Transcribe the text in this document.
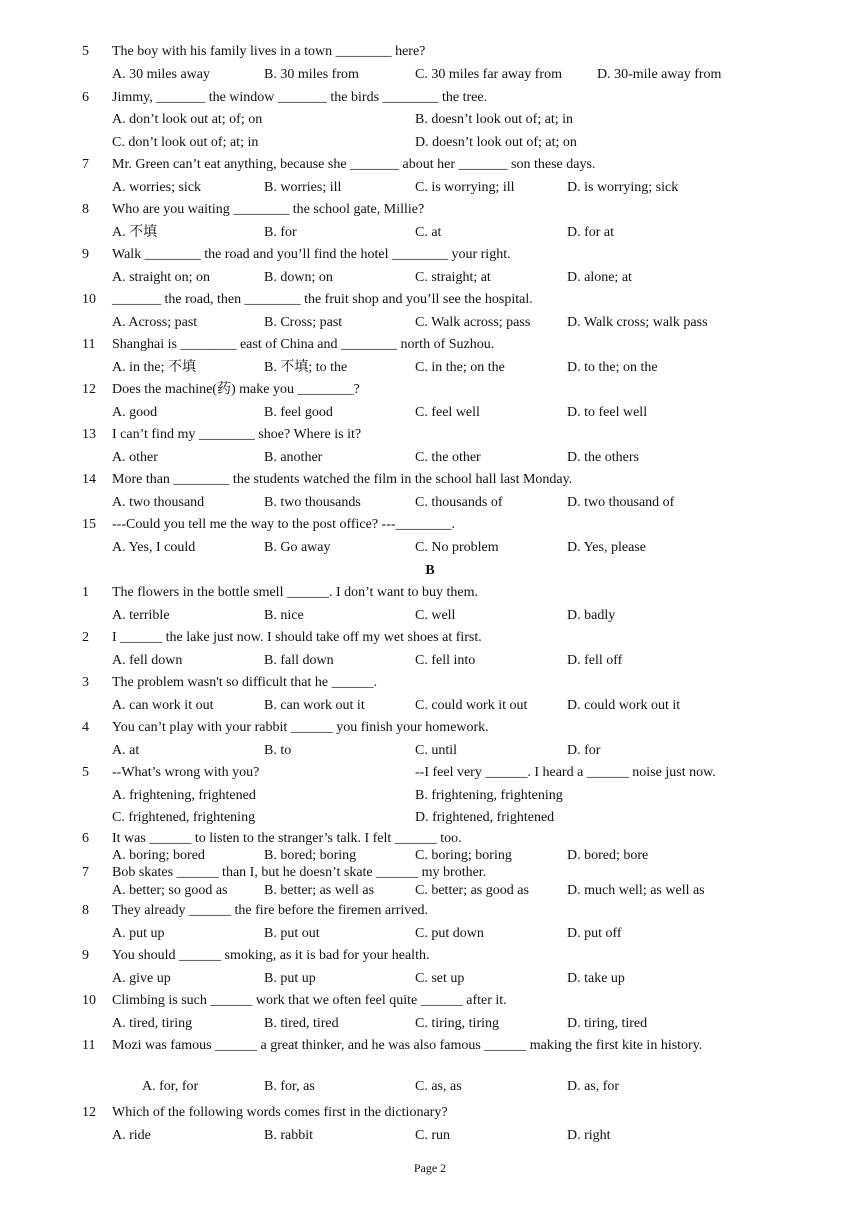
5 The boy with his family lives in a town ________ here?
A. 30 miles away	B. 30 miles from	C. 30 miles far away from	D. 30-mile away from
6 Jimmy, _______ the window _______ the birds ________ the tree.
A. don’t look out at; of; on	B. doesn’t look out of; at; in
C. don’t look out of; at; in	D. doesn’t look out of; at; on
7 Mr. Green can’t eat anything, because she _______ about her _______ son these days.
A. worries; sick	B. worries; ill	C. is worrying; ill	D. is worrying; sick
8 Who are you waiting ________ the school gate, Millie?
A. 不填	B. for	C. at	D. for at
9 Walk ________ the road and you’ll find the hotel ________ your right.
A. straight on; on	B. down; on	C. straight; at	D. alone; at
10 _______ the road, then ________ the fruit shop and you’ll see the hospital.
A. Across; past	B. Cross; past	C. Walk across; pass	D. Walk cross; walk pass
11 Shanghai is ________ east of China and ________ north of Suzhou.
A. in the; 不填	B. 不填; to the	C. in the; on the	D. to the; on the
12 Does the machine(药) make you ________?
A. good	B. feel good	C. feel well	D. to feel well
13 I can’t find my ________ shoe? Where is it?
A. other	B. another	C. the other	D. the others
14 More than ________ the students watched the film in the school hall last Monday.
A. two thousand	B. two thousands	C. thousands of	D. two thousand of
15 ---Could you tell me the way to the post office? ---________.
A. Yes, I could	B. Go away	C. No problem	D. Yes, please
B
1 The flowers in the bottle smell ______. I don’t want to buy them.
A. terrible	B. nice	C. well	D. badly
2 I ______ the lake just now. I should take off my wet shoes at first.
A. fell down	B. fall down	C. fell into	D. fell off
3 The problem wasn't so difficult that he ______.
A. can work it out	B. can work out it	C. could work it out	D. could work out it
4 You can’t play with your rabbit ______ you finish your homework.
A. at	B. to	C. until	D. for
5 --What’s wrong with you?	--I feel very ______. I heard a ______ noise just now.
A. frightening, frightened	B. frightening, frightening
C. frightened, frightening	D. frightened, frightened
6 It was ______ to listen to the stranger’s talk. I felt ______ too.
A. boring; bored	B. bored; boring	C. boring; boring	D. bored; bore
7 Bob skates ______ than I, but he doesn’t skate ______ my brother.
A. better; so good as	B. better; as well as	C. better; as good as	D. much well; as well as
8 They already ______ the fire before the firemen arrived.
A. put up	B. put out	C. put down	D. put off
9 You should ______ smoking, as it is bad for your health.
A. give up	B. put up	C. set up	D. take up
10 Climbing is such ______ work that we often feel quite ______ after it.
A. tired, tiring	B. tired, tired	C. tiring, tiring	D. tiring, tired
11 Mozi was famous ______ a great thinker, and he was also famous ______ making the first kite in history.
A. for, for	B. for, as	C. as, as	D. as, for
12 Which of the following words comes first in the dictionary?
A. ride	B. rabbit	C. run	D. right
Page 2
